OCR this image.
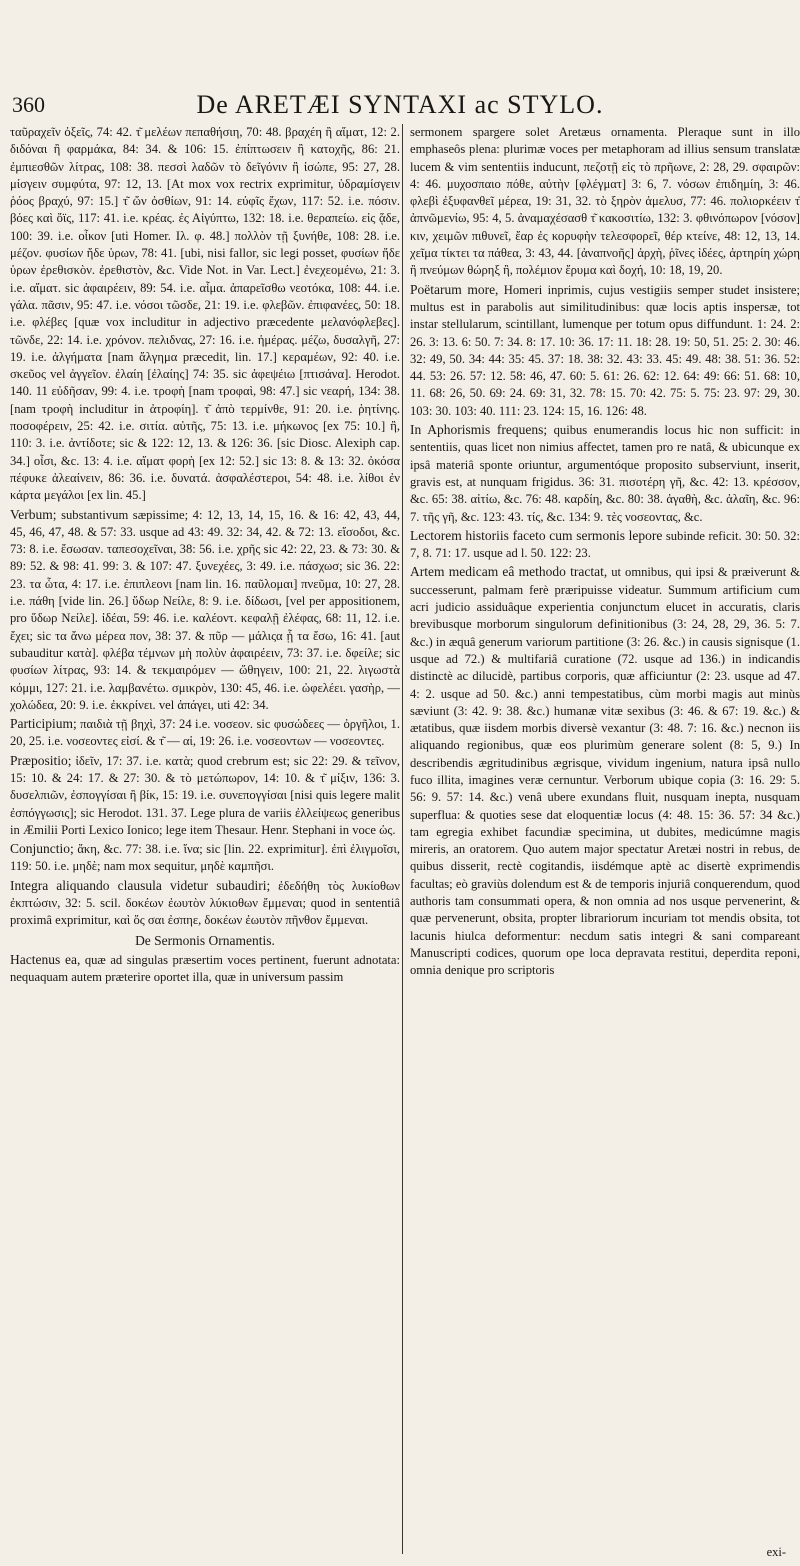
360	De ARETÆI SYNTAXI ac STYLO.

ταῦραχεῖν ὀξεῖς, 74: 42. τ͂ μελέων πεπαθήσιη, 70: 48. βραχέη ἢ αἵματ, 12: 2. διδόναι ἢ φαρμάκα, 84: 34. & 106: 15. ἐπίπτωσειν ἢ κατοχῆς, 86: 21. ἐμπιεσθῶν λίτρας, 108: 38. πεσσὶ λαδῶν τὸ δεῖγόνιν ἢ ἰσώπε, 95: 27, 28. μίσγειν συμφύτα, 97: 12, 13. [At mox vox rectrix exprimitur, ὑδραμίσγειν ῥόος βραχύ, 97: 15.] τ͂ ὤν ὀσθίων, 91: 14. εὐφῖς ἔχων, 117: 52. i.e. πόσιν. βόες καὶ ὄϊς, 117: 41. i.e. κρέας. ἐς Αἰγύπτω, 132: 18. i.e. θεραπείω. εἰς ᾅδε, 100: 39. i.e. οἶκον [uti Homer. Ιλ. φ. 48.] πολλὸν τῇ ξυνήθε, 108: 28. i.e. μέζον. φυσίων ἤδε ὑρων, 78: 41. [ubi, nisi fallor, sic legi posset, φυσίων ἤδε ὑρων ἐρεθισκὸν. ἐρεθιστὸν, &c. Vide Not. in Var. Lect.] ἐνεχεομένω, 21: 3. i.e. αἵματ. sic ἀφαιρέειν, 89: 54. i.e. αἷμα. ἀπαρεῖσθω νεοτόκα, 108: 44. i.e. γάλα. πᾶσιν, 95: 47. i.e. νόσοι τῶσδε, 21: 19. i.e. φλεβῶν. ἐπιφανέες, 50: 18. i.e. φλέβες [quæ vox includitur in adjectivo præcedente μελανόφλεβες]. τῶνδε, 22: 14. i.e. χρόνον. πελιδνας, 27: 16. i.e. ἡμέρας. μέζω, δυσαλγῆ, 27: 19. i.e. ἀλγήματα [nam ἄλγημα præcedit, lin. 17.] κεραμέων, 92: 40. i.e. σκεῦος vel ἀγγεῖον. ἐλαίη [ἐλαίης] 74: 35. sic ἀφεψέιω [πτισάνα]. Herodot. 140. 11 εὐδῆσαν, 99: 4. i.e. τροφὴ [nam τροφαὶ, 98: 47.] sic νεαρή, 134: 38. [nam τροφὴ includitur in ἀτροφίη]. τ͂ ἀπὸ τερμίνθε, 91: 20. i.e. ῥητίνης. ποσοφέρειν, 25: 42. i.e. σιτία. αὐτῆς, 75: 13. i.e. μήκωνος [ex 75: 10.] ἢ, 110: 3. i.e. ἀντίδοτε; sic & 122: 12, 13. & 126: 36. [sic Diosc. Alexiph cap. 34.] οἶσι, &c. 13: 4. i.e. αἵματ φορὴ [ex 12: 52.] sic 13: 8. & 13: 32. ὀκόσα πέφυκε ἀλεαίνειν, 86: 36. i.e. δυνατά. ἀσφαλέστεροι, 54: 48. i.e. λίθοι ἐν κάρτα μεγάλοι [ex lin. 45.]

Verbum; substantivum sæpissime; 4: 12, 13, 14, 15, 16. & 16: 42, 43, 44, 45, 46, 47, 48. & 57: 33. usque ad 43: 49. 32: 34, 42. & 72: 13. εἴσοδοι, &c. 73: 8. i.e. ἔσωσαν. ταπεσοχεῖναι, 38: 56. i.e. χρῆς sic 42: 22, 23. & 73: 30. & 89: 52. & 98: 41. 99: 3. & 107: 47. ξυνεχέες, 3: 49. i.e. πάσχωσ; sic 36. 22: 23. τα ὧτα, 4: 17. i.e. ἐπιπλεονι [nam lin. 16. παῦλομαι] πνεῦμα, 10: 27, 28. i.e. πάθη [vide lin. 26.] ὕδωρ Νείλε, 8: 9. i.e. δίδωσι, [vel per appositionem, pro ὕδωρ Νείλε]. ἰδέαι, 59: 46. i.e. καλέοντ. κεφαλῇ ἐλέφας, 68: 11, 12. i.e. ἔχει; sic τα ἄνω μέρεα πον, 38: 37. & πῦρ — μάλιςα ᾗ τα ἔσω, 16: 41. [aut subauditur κατὰ]. φλέβα τέμνων μὴ πολὺν ἀφαιρέειν, 73: 37. i.e. δφείλε; sic φυσίων λίτρας, 93: 14. & τεκμαιρόμεν — ὤθηγειν, 100: 21, 22. λιγωστὰ κόμμι, 127: 21. i.e. λαμβανέτω. σμικρὸν, 130: 45, 46. i.e. ὠφελέει. γασὴρ, — χολώδεα, 20: 9. i.e. ἐκκρίνει. vel ἀπάγει, uti 42: 34.

Participium; παιδιὰ τῇ βηχὶ, 37: 24 i.e. νοσεον. sic φυσώδεες — ὀργῆλοι, 1. 20, 25. i.e. νοσεοντες εἰσί. & τ͂ — αἱ, 19: 26. i.e. νοσεοντων — νοσεοντες.

Præpositio; ἰδεῖν, 17: 37. i.e. κατὰ; quod crebrum est; sic 22: 29. & τεῖνον, 15: 10. & 24: 17. & 27: 30. & τὸ μετώπωρον, 14: 10. & τ͂ μίξιν, 136: 3. δυσελπιῶν, ἐσπογγίσαι ἢ βίκ, 15: 19. i.e. συνεπογγίσαι [nisi quis legere malit ἐσπόγγωσις]; sic Herodot. 131. 37. Lege plura de variis ἐλλείψεως generibus in Æmilii Porti Lexico Ionico; lege item Thesaur. Henr. Stephani in voce ὡς.

Conjunctio; ἄκη, &c. 77: 38. i.e. ἵνα; sic [lin. 22. exprimitur]. ἐπὶ ἐλιγμοῖσι, 119: 50. i.e. μηδὲ; nam mox sequitur, μηδὲ καμπῆσι.

Integra aliquando clausula videtur subaudiri; ἐδεδήθη τὸς λυκίοθων ἐκπτώσιν, 32: 5. scil. δοκέων ἐωυτὸν λύκιοθων ἔμμεναι; quod in sententiâ proximâ exprimitur, καὶ ὅς σαι ἐσπηε, δοκέων ἐωυτὸν πῆνθον ἔμμεναι.

De Sermonis Ornamentis.

Hactenus ea, quæ ad singulas præsertim voces pertinent, fuerunt adnotata: nequaquam autem præterire oportet illa, quæ in universum passim

sermonem spargere solet Aretæus ornamenta. Pleraque sunt in illo emphaseôs plena: plurimæ voces per metaphoram ad illius sensum translatæ lucem & vim sententiis inducunt, πεζοτῇ εἰς τὸ πρῆωνε, 2: 28, 29. σφαιρῶν: 4: 46. μυχοσπαιο πόθε, αὐτὴν [φλέγματ] 3: 6, 7. νόσων ἐπιδημίη, 3: 46. φλεβὶ ἐξυφανθεῖ μέρεα, 19: 31, 32. τὸ ξηρὸν ἀμελυσ, 77: 46. πολιορκέειν τ͂ ἀπνῶμενίω, 95: 4, 5. ἀναμαχέσασθ τ͂ κακοσιτίω, 132: 3. φθινόπωρον [νόσον] κιν, χειμῶν πιθυνεῖ, ἔαρ ἐς κορυφὴν τελεσφορεῖ, θέρ κτείνε, 48: 12, 13, 14. χεῖμα τίκτει τα πάθεα, 3: 43, 44. [ἀναπνοῆς] ἀρχὴ, ῥῖνες ἰδέες, ἀρτηρίη χώρη ἢ πνεύμων θώρηξ ἢ, πολέμιον ἔρυμα καὶ δοχή, 10: 18, 19, 20.

Poëtarum more, Homeri inprimis, cujus vestigiis semper studet insistere; multus est in parabolis aut similitudinibus: quæ locis aptis inspersæ, tot instar stellularum, scintillant, lumenque per totum opus diffundunt. 1: 24. 2: 26. 3: 13. 6: 50. 7: 34. 8: 17. 10: 36. 17: 11. 18: 28. 19: 50, 51. 25: 2. 30: 46. 32: 49, 50. 34: 44: 35: 45. 37: 18. 38: 32. 43: 33. 45: 49. 48: 38. 51: 36. 52: 44. 53: 26. 57: 12. 58: 46, 47. 60: 5. 61: 26. 62: 12. 64: 49: 66: 51. 68: 10, 11. 68: 26, 50. 69: 24. 69: 31, 32. 78: 15. 70: 42. 75: 5. 75: 23. 97: 29, 30. 103: 30. 103: 40. 111: 23. 124: 15, 16. 126: 48.

In Aphorismis frequens; quibus enumerandis locus hic non sufficit: in sententiis, quas licet non nimius affectet, tamen pro re natâ, & ubicunque ex ipsâ materiâ sponte oriuntur, argumentóque proposito subserviunt, inserit, gravis est, at nunquam frigidus. 36: 31. πισοτέρη γῆ, &c. 42: 13. κρέσσον, &c. 65: 38. αἰτίω, &c. 76: 48. καρδίη, &c. 80: 38. ἀγαθὴ, &c. ἀλαῖη, &c. 96: 7. τῆς γῆ, &c. 123: 43. τίς, &c. 134: 9. τὲς νοσεοντας, &c.

Lectorem historiis faceto cum sermonis lepore subinde reficit. 30: 50. 32: 7, 8. 71: 17. usque ad l. 50. 122: 23.

Artem medicam eâ methodo tractat, ut omnibus, qui ipsi & præiverunt & successerunt, palmam ferè præripuisse videatur. Summum artificium cum acri judicio assiduâque experientia conjunctum elucet in accuratis, claris brevibusque morborum singulorum definitionibus (3: 24, 28, 29, 36. 5: 7. &c.) in æquâ generum variorum partitione (3: 26. &c.) in causis signisque (1. usque ad 72.) & multifariâ curatione (72. usque ad 136.) in indicandis distinctè ac dilucidè, partibus corporis, quæ afficiuntur (2: 23. usque ad 47. 4: 2. usque ad 50. &c.) anni tempestatibus, cùm morbi magis aut minùs sæviunt (3: 42. 9: 38. &c.) humanæ vitæ sexibus (3: 46. & 67: 19. &c.) & ætatibus, quæ iisdem morbis diversè vexantur (3: 48. 7: 16. &c.) necnon iis aliquando regionibus, quæ eos plurimùm generare solent (8: 5, 9.) In describendis ægritudinibus ægrisque, vividum ingenium, natura ipsâ nullo fuco illita, imagines veræ cernuntur. Verborum ubique copia (3: 16. 29: 5. 56: 9. 57: 14. &c.) venâ ubere exundans fluit, nusquam inepta, nusquam superflua: & quoties sese dat eloquentiæ locus (4: 48. 15: 36. 57: 34 &c.) tam egregia exhibet facundiæ specimina, ut dubites, medicúmne magis mireris, an oratorem. Quo autem major spectatur Aretæi nostri in rebus, de quibus disserit, rectè cogitandis, iisdémque aptè ac disertè exprimendis facultas; eò graviùs dolendum est & de temporis injuriâ conquerendum, quod authoris tam consummati opera, & non omnia ad nos usque pervenerint, & quæ pervenerunt, obsita, propter librariorum incuriam tot mendis obsita, tot lacunis hiulca deformentur: necdum satis integri & sani compareant Manuscripti codices, quorum ope loca depravata restitui, deperdita reponi, omnia denique pro scriptoris

exi-
